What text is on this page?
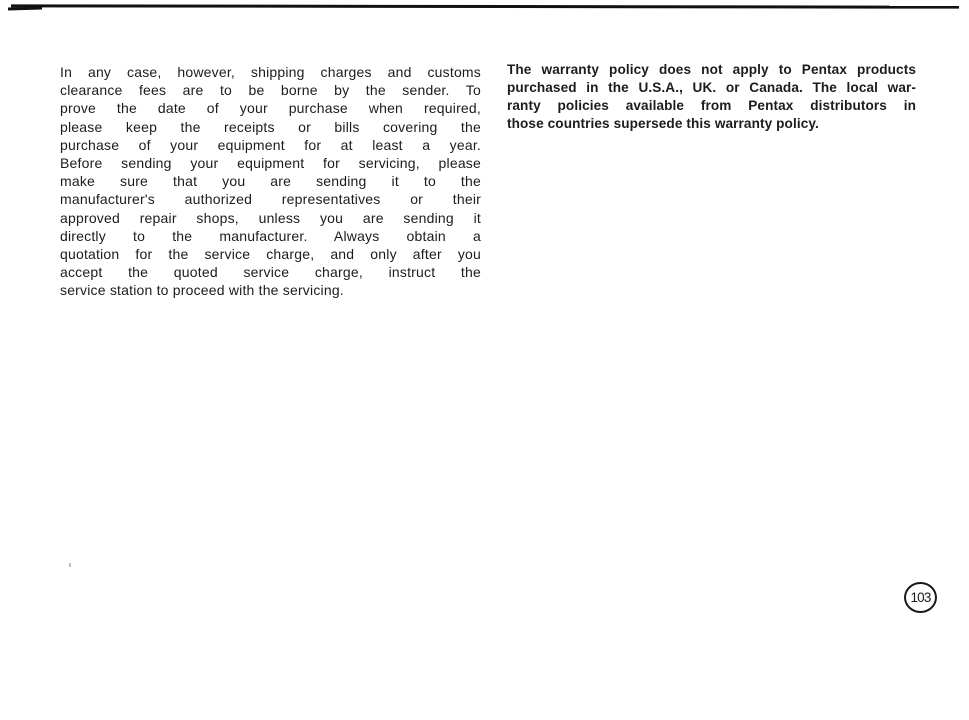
In any case, however, shipping charges and customs
clearance fees are to be borne by the sender. To
prove the date of your purchase when required,
please keep the receipts or bills covering the
purchase of your equipment for at least a year.
Before sending your equipment for servicing, please
make sure that you are sending it to the
manufacturer's authorized representatives or their
approved repair shops, unless you are sending it
directly to the manufacturer. Always obtain a
quotation for the service charge, and only after you
accept the quoted service charge, instruct the
service station to proceed with the servicing.
The warranty policy does not apply to Pentax products
purchased in the U.S.A., UK. or Canada. The local war-
ranty policies available from Pentax distributors in
those countries supersede this warranty policy.
103
